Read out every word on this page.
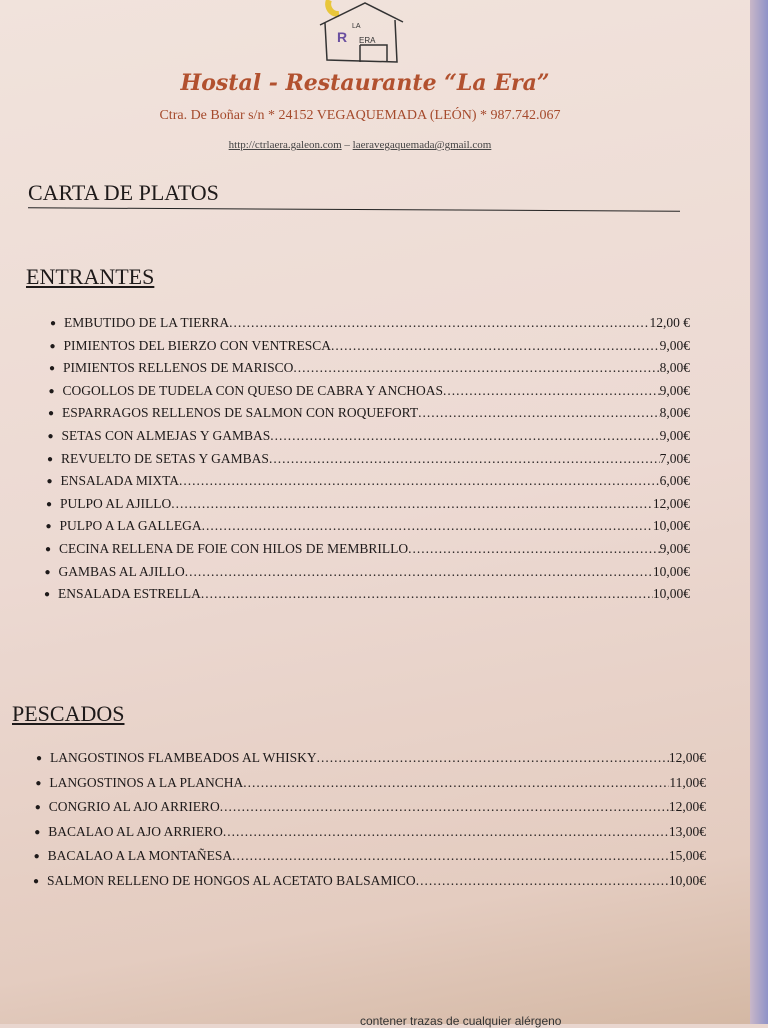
R
LA
ERA
Hostal - Restaurante “La Era”
Ctra. De Boñar s/n * 24152 VEGAQUEMADA (LEÓN) * 987.742.067
http://ctrlaera.galeon.com – laeravegaquemada@gmail.com
CARTA DE PLATOS
ENTRANTES
● EMBUTIDO DE LA TIERRA .....	12,00 €
● PIMIENTOS DEL BIERZO CON VENTRESCA .....	9,00€
● PIMIENTOS RELLENOS DE MARISCO .....	8,00€
● COGOLLOS DE TUDELA CON QUESO DE CABRA Y ANCHOAS .....	9,00€
● ESPARRAGOS RELLENOS DE SALMON CON ROQUEFORT .....	8,00€
● SETAS CON ALMEJAS Y GAMBAS .....	9,00€
● REVUELTO DE SETAS Y GAMBAS .....	7,00€
● ENSALADA MIXTA .....	6,00€
● PULPO AL AJILLO .....	12,00€
● PULPO A LA GALLEGA .....	10,00€
● CECINA RELLENA DE FOIE CON HILOS DE MEMBRILLO .....	9,00€
● GAMBAS AL AJILLO .....	10,00€
● ENSALADA ESTRELLA .....	10,00€
PESCADOS
● LANGOSTINOS FLAMBEADOS AL WHISKY .....	12,00€
● LANGOSTINOS A LA PLANCHA .....	11,00€
● CONGRIO AL AJO ARRIERO .....	12,00€
● BACALAO AL AJO ARRIERO .....	13,00€
● BACALAO A LA MONTAÑESA .....	15,00€
● SALMON RELLENO DE HONGOS AL ACETATO BALSAMICO .....	10,00€
contener trazas de cualquier alérgeno
